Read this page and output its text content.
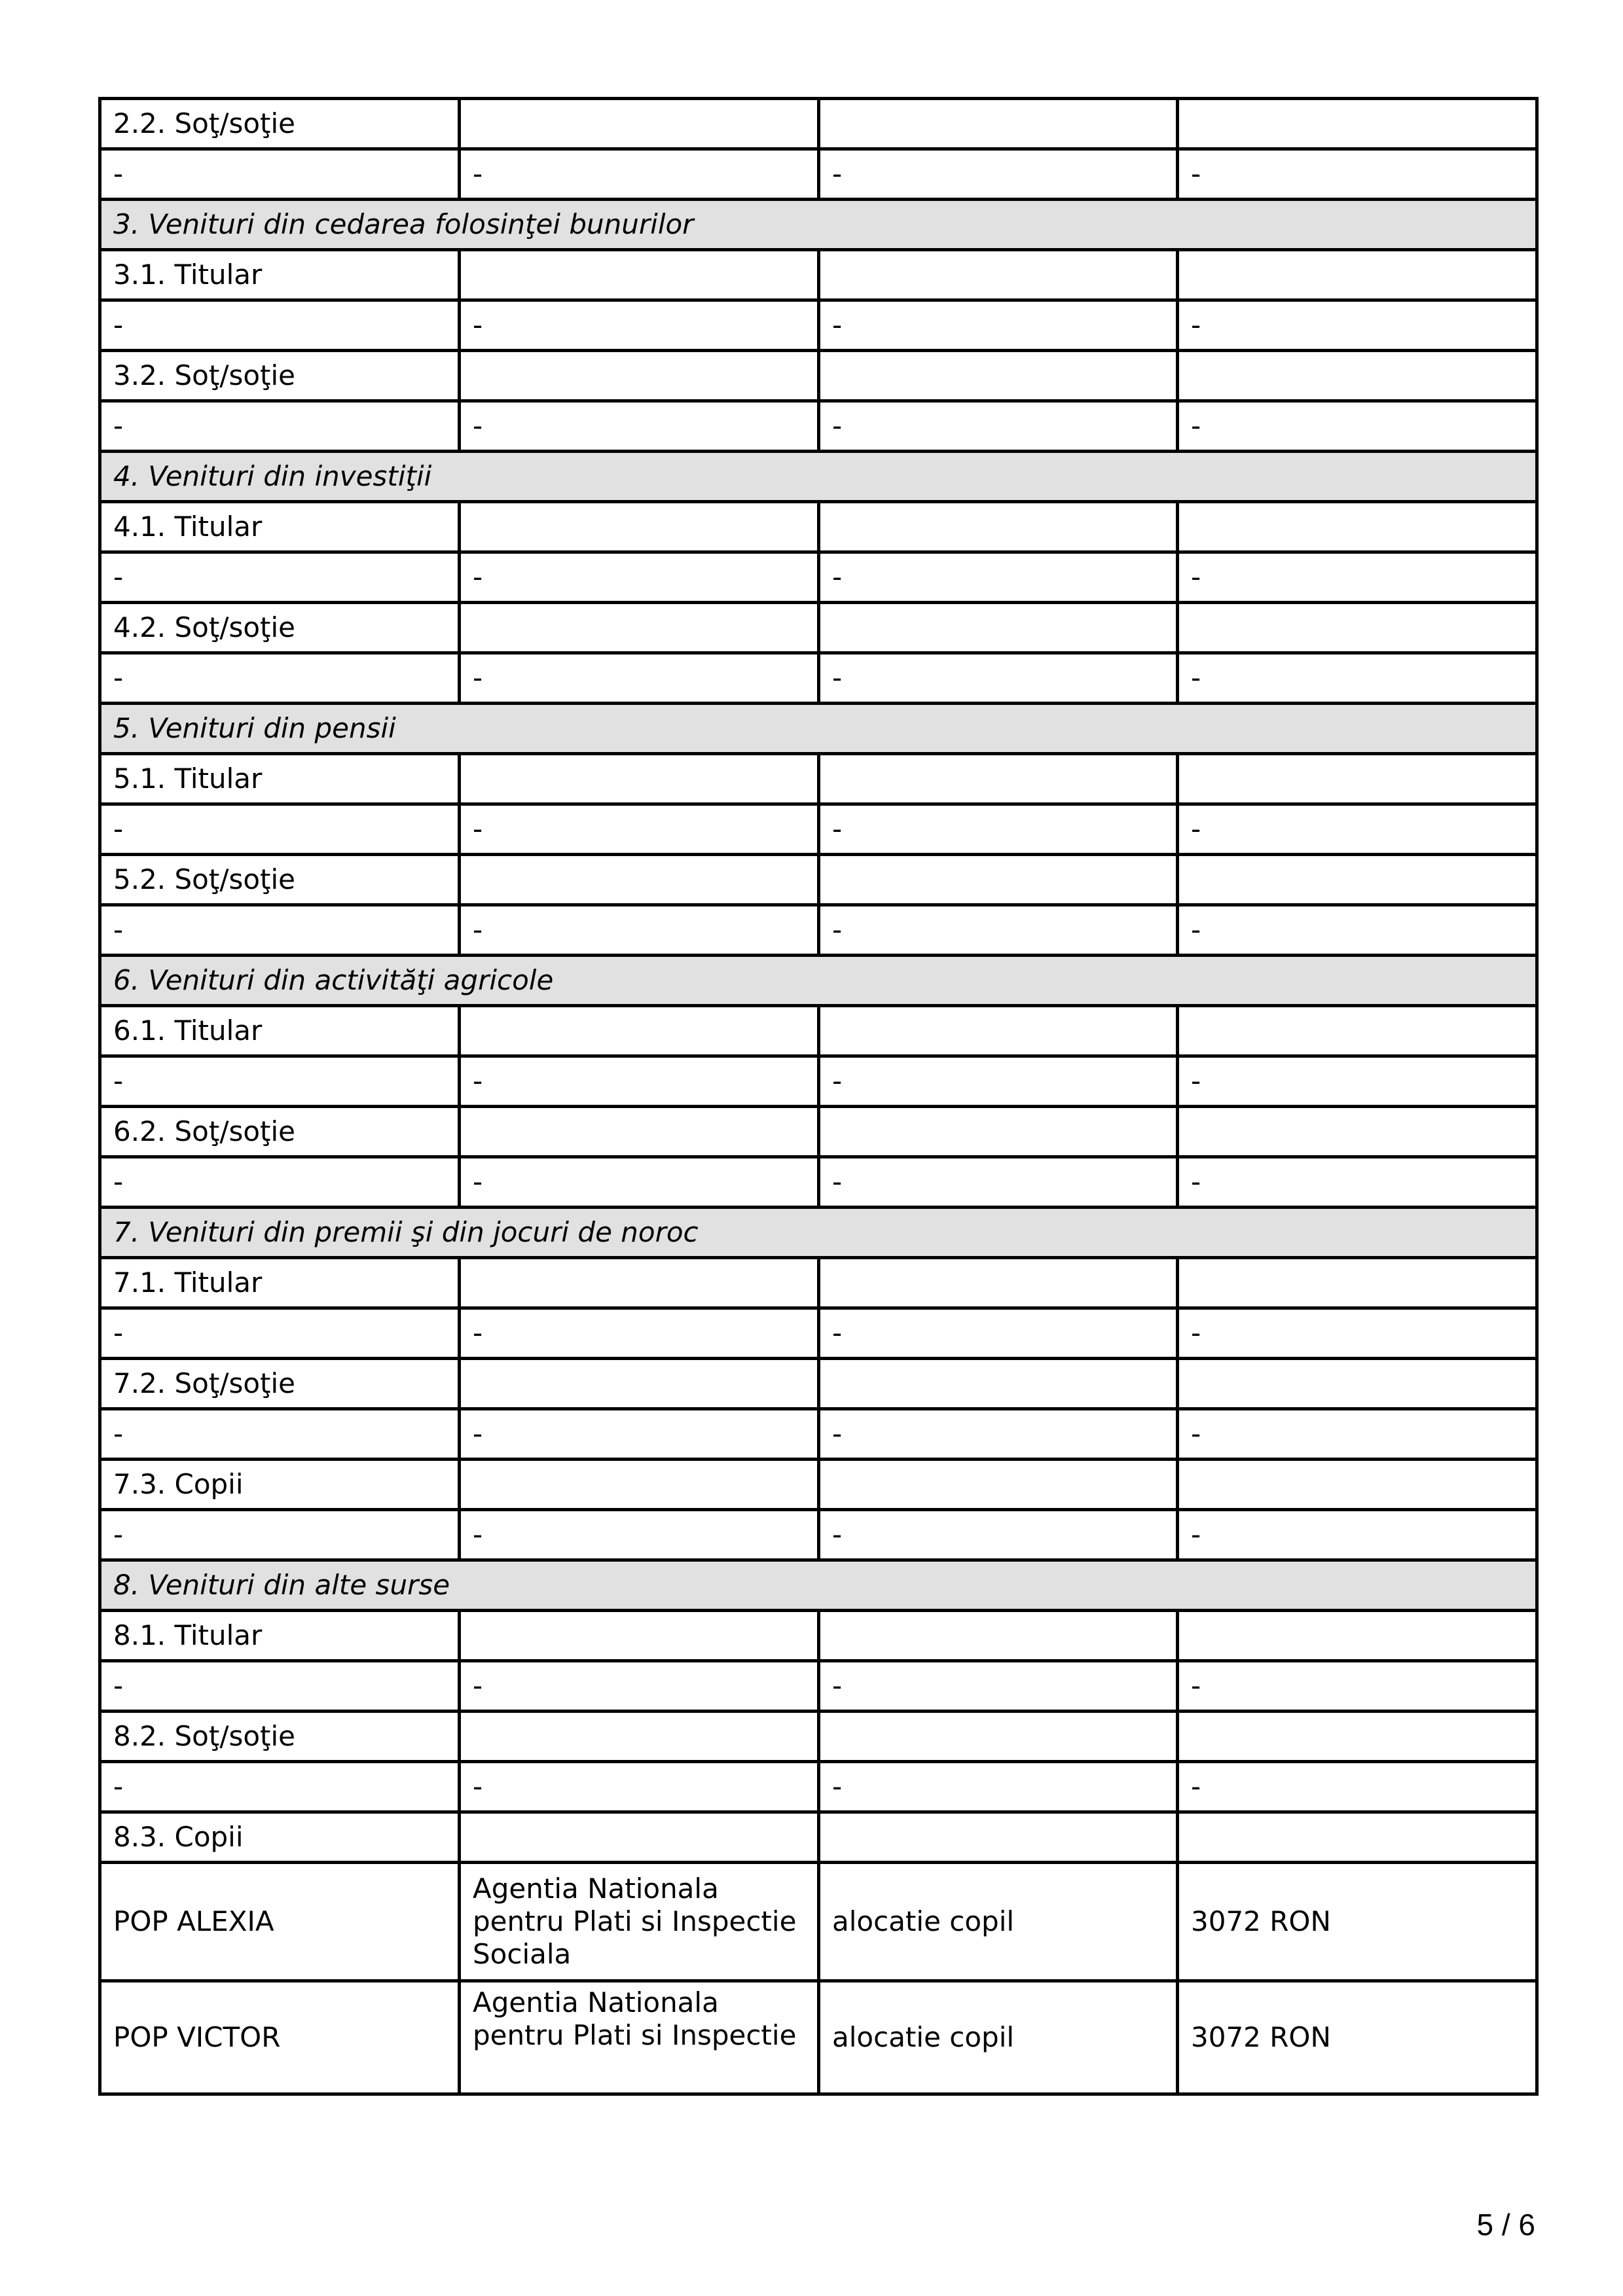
2.2. Soţ/soţie			
-	-	-	-
3. Venituri din cedarea folosinţei bunurilor			
3.1. Titular			
-	-	-	-
3.2. Soţ/soţie			
-	-	-	-
4. Venituri din investiţii			
4.1. Titular			
-	-	-	-
4.2. Soţ/soţie			
-	-	-	-
5. Venituri din pensii			
5.1. Titular			
-	-	-	-
5.2. Soţ/soţie			
-	-	-	-
6. Venituri din activităţi agricole			
6.1. Titular			
-	-	-	-
6.2. Soţ/soţie			
-	-	-	-
7. Venituri din premii şi din jocuri de noroc			
7.1. Titular			
-	-	-	-
7.2. Soţ/soţie			
-	-	-	-
7.3. Copii			
-	-	-	-
8. Venituri din alte surse			
8.1. Titular			
-	-	-	-
8.2. Soţ/soţie			
-	-	-	-
8.3. Copii			
POP ALEXIA	Agentia Nationala pentru Plati si Inspectie Sociala	alocatie copil	3072 RON
POP VICTOR	Agentia Nationala pentru Plati si Inspectie	alocatie copil	3072 RON
5 / 6
